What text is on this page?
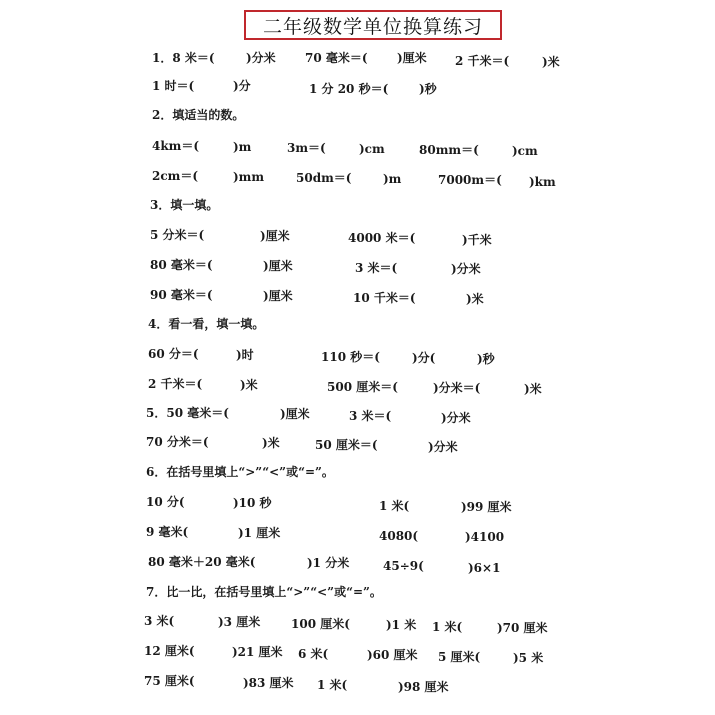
二年级数学单位换算练习
1．8 米＝(	)分米 70 毫米＝( )厘米 2 千米＝(	)米
1 时＝(	)分	1 分 20 秒＝(	)秒
2．填适当的数。
4km＝(	)m	3m＝(	)cm	80mm＝(	)cm
2cm＝(	)mm	50dm＝(	)m	7000m＝( )km
3．填一填。
5 分米＝(	)厘米	4000 米＝(	)千米
80 毫米＝(	)厘米	3 米＝(	)分米
90 毫米＝(	)厘米	10 千米＝(	)米
4．看一看，填一填。
60 分＝(	)时	110 秒＝(	)分(	)秒
2 千米＝(	)米	500 厘米＝(	)分米＝(	)米
5．50 毫米＝(	)厘米	3 米＝(	)分米
70 分米＝(	)米	50 厘米＝(	)分米
6．在括号里填上“>”“<”或“=”。
10 分(	)10 秒	1 米(	)99 厘米
9 毫米(	)1 厘米	4080(	)4100
80 毫米＋20 毫米(	)1 分米	45÷9(	)6×1
7．比一比，在括号里填上“>”“<”或“=”。
3 米(	)3 厘米	100 厘米(	)1 米 1 米(	)70 厘米
12 厘米(	)21 厘米 6 米(	)60 厘米 5 厘米(	)5 米
75 厘米(	)83 厘米 1 米(	)98 厘米
